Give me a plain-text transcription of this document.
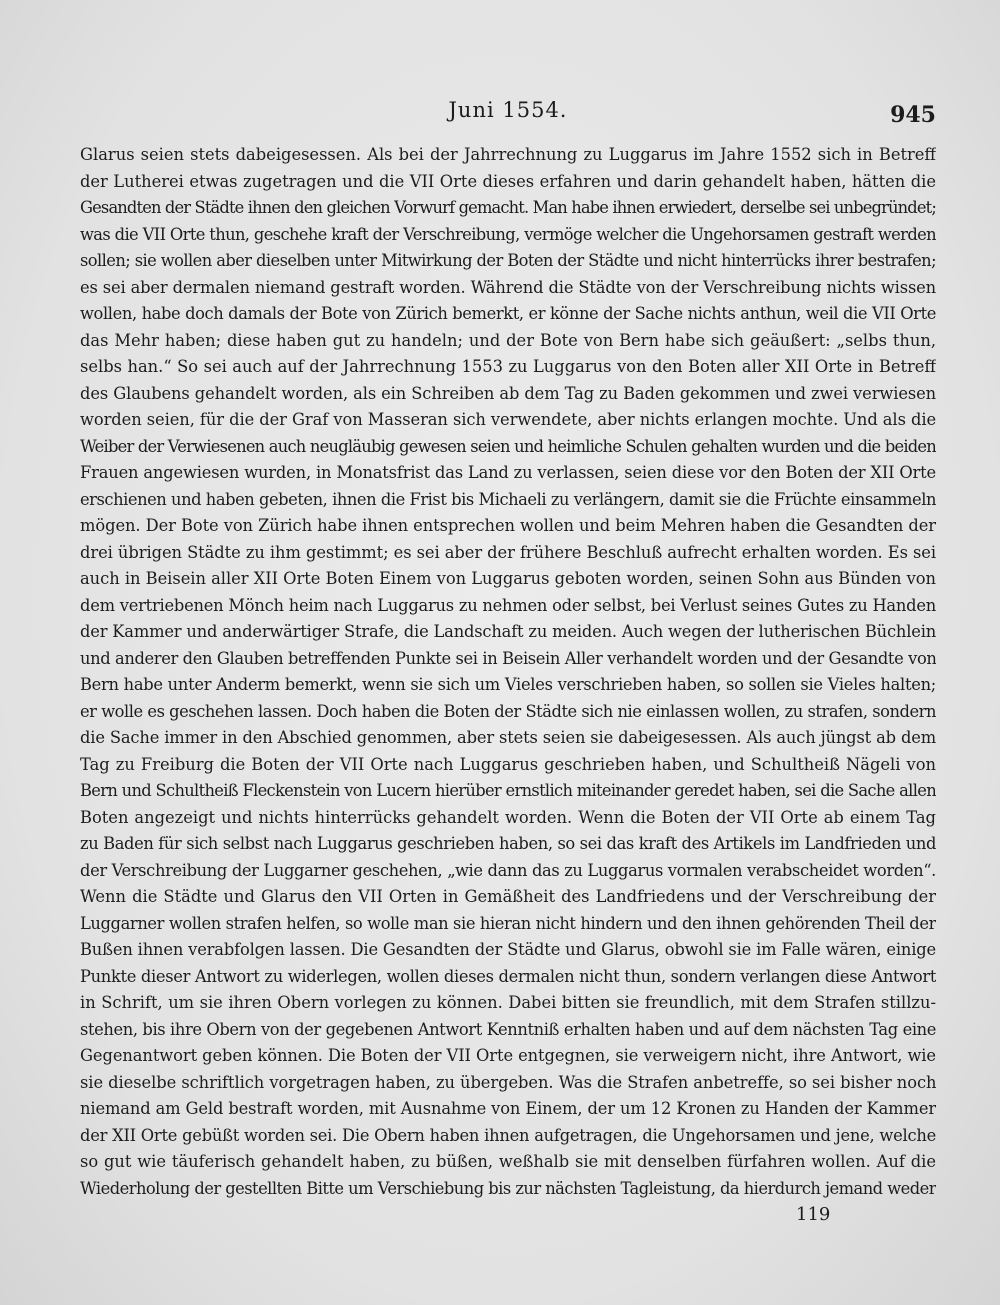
Juni 1554.	945
Glarus seien stets dabeigesessen. Als bei der Jahrrechnung zu Luggarus im Jahre 1552 sich in Betreff
der Lutherei etwas zugetragen und die VII Orte dieses erfahren und darin gehandelt haben, hätten die
Gesandten der Städte ihnen den gleichen Vorwurf gemacht. Man habe ihnen erwiedert, derselbe sei unbegründet;
was die VII Orte thun, geschehe kraft der Verschreibung, vermöge welcher die Ungehorsamen gestraft werden
sollen; sie wollen aber dieselben unter Mitwirkung der Boten der Städte und nicht hinterrücks ihrer bestrafen;
es sei aber dermalen niemand gestraft worden. Während die Städte von der Verschreibung nichts wissen
wollen, habe doch damals der Bote von Zürich bemerkt, er könne der Sache nichts anthun, weil die VII Orte
das Mehr haben; diese haben gut zu handeln; und der Bote von Bern habe sich geäußert: „selbs thun,
selbs han.“ So sei auch auf der Jahrrechnung 1553 zu Luggarus von den Boten aller XII Orte in Betreff
des Glaubens gehandelt worden, als ein Schreiben ab dem Tag zu Baden gekommen und zwei verwiesen
worden seien, für die der Graf von Masseran sich verwendete, aber nichts erlangen mochte. Und als die
Weiber der Verwiesenen auch neugläubig gewesen seien und heimliche Schulen gehalten wurden und die beiden
Frauen angewiesen wurden, in Monatsfrist das Land zu verlassen, seien diese vor den Boten der XII Orte
erschienen und haben gebeten, ihnen die Frist bis Michaeli zu verlängern, damit sie die Früchte einsammeln
mögen. Der Bote von Zürich habe ihnen entsprechen wollen und beim Mehren haben die Gesandten der
drei übrigen Städte zu ihm gestimmt; es sei aber der frühere Beschluß aufrecht erhalten worden. Es sei
auch in Beisein aller XII Orte Boten Einem von Luggarus geboten worden, seinen Sohn aus Bünden von
dem vertriebenen Mönch heim nach Luggarus zu nehmen oder selbst, bei Verlust seines Gutes zu Handen
der Kammer und anderwärtiger Strafe, die Landschaft zu meiden. Auch wegen der lutherischen Büchlein
und anderer den Glauben betreffenden Punkte sei in Beisein Aller verhandelt worden und der Gesandte von
Bern habe unter Anderm bemerkt, wenn sie sich um Vieles verschrieben haben, so sollen sie Vieles halten;
er wolle es geschehen lassen. Doch haben die Boten der Städte sich nie einlassen wollen, zu strafen, sondern
die Sache immer in den Abschied genommen, aber stets seien sie dabeigesessen. Als auch jüngst ab dem
Tag zu Freiburg die Boten der VII Orte nach Luggarus geschrieben haben, und Schultheiß Nägeli von
Bern und Schultheiß Fleckenstein von Lucern hierüber ernstlich miteinander geredet haben, sei die Sache allen
Boten angezeigt und nichts hinterrücks gehandelt worden. Wenn die Boten der VII Orte ab einem Tag
zu Baden für sich selbst nach Luggarus geschrieben haben, so sei das kraft des Artikels im Landfrieden und
der Verschreibung der Luggarner geschehen, „wie dann das zu Luggarus vormalen verabscheidet worden“.
Wenn die Städte und Glarus den VII Orten in Gemäßheit des Landfriedens und der Verschreibung der
Luggarner wollen strafen helfen, so wolle man sie hieran nicht hindern und den ihnen gehörenden Theil der
Bußen ihnen verabfolgen lassen. Die Gesandten der Städte und Glarus, obwohl sie im Falle wären, einige
Punkte dieser Antwort zu widerlegen, wollen dieses dermalen nicht thun, sondern verlangen diese Antwort
in Schrift, um sie ihren Obern vorlegen zu können. Dabei bitten sie freundlich, mit dem Strafen stillzu-
stehen, bis ihre Obern von der gegebenen Antwort Kenntniß erhalten haben und auf dem nächsten Tag eine
Gegenantwort geben können. Die Boten der VII Orte entgegnen, sie verweigern nicht, ihre Antwort, wie
sie dieselbe schriftlich vorgetragen haben, zu übergeben. Was die Strafen anbetreffe, so sei bisher noch
niemand am Geld bestraft worden, mit Ausnahme von Einem, der um 12 Kronen zu Handen der Kammer
der XII Orte gebüßt worden sei. Die Obern haben ihnen aufgetragen, die Ungehorsamen und jene, welche
so gut wie täuferisch gehandelt haben, zu büßen, weßhalb sie mit denselben fürfahren wollen. Auf die
Wiederholung der gestellten Bitte um Verschiebung bis zur nächsten Tagleistung, da hierdurch jemand weder
119
